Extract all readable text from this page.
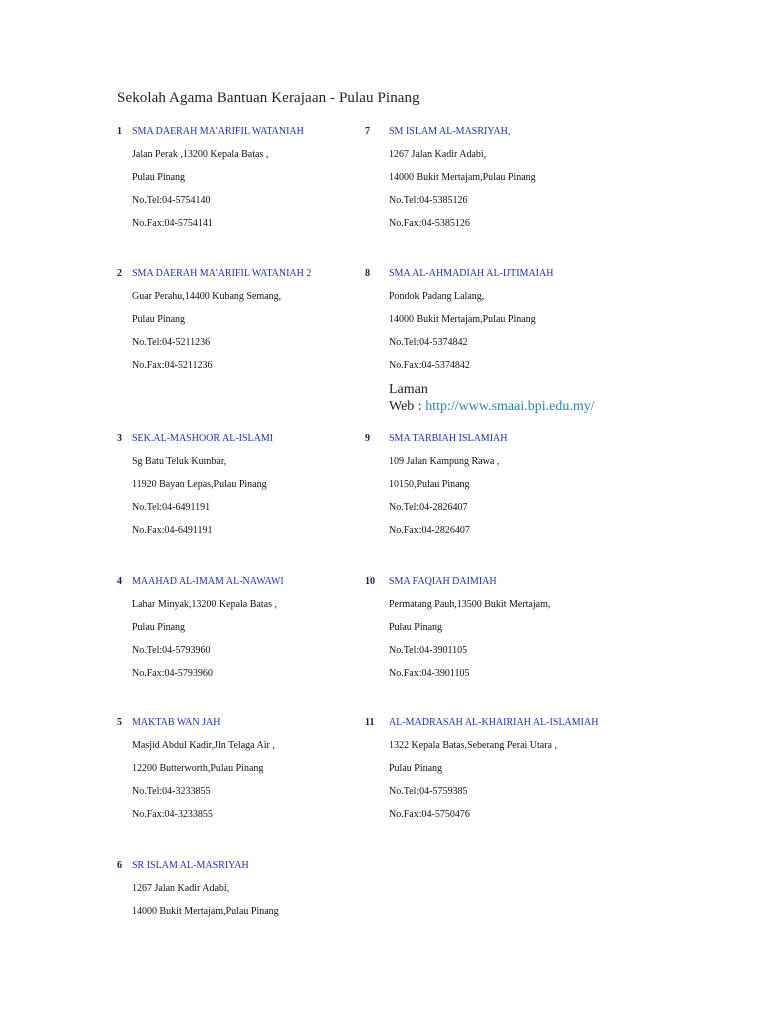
Sekolah Agama Bantuan Kerajaan - Pulau Pinang
1 SMA DAERAH MA'ARIFIL WATANIAH
Jalan Perak ,13200 Kepala Batas ,
Pulau Pinang
No.Tel:04-5754140
No.Fax:04-5754141
2 SMA DAERAH MA'ARIFIL WATANIAH 2
Guar Perahu,14400 Kubang Semang,
Pulau Pinang
No.Tel:04-5211236
No.Fax:04-5211236
3 SEK.AL-MASHOOR AL-ISLAMI
Sg Batu Teluk Kumbar,
11920 Bayan Lepas,Pulau Pinang
No.Tel:04-6491191
No.Fax:04-6491191
4 MAAHAD AL-IMAM AL-NAWAWI
Lahar Minyak,13200 Kepala Batas ,
Pulau Pinang
No.Tel:04-5793960
No.Fax:04-5793960
5 MAKTAB WAN JAH
Masjid Abdul Kadir,Jln Telaga Air ,
12200 Butterworth,Pulau Pinang
No.Tel:04-3233855
No.Fax:04-3233855
6 SR ISLAM AL-MASRIYAH
1267 Jalan Kadir Adabi,
14000 Bukit Mertajam,Pulau Pinang
7 SM ISLAM AL-MASRIYAH,
1267 Jalan Kadir Adabi,
14000 Bukit Mertajam,Pulau Pinang
No.Tel:04-5385126
No.Fax:04-5385126
8 SMA AL-AHMADIAH AL-IJTIMAIAH
Pondok Padang Lalang,
14000 Bukit Mertajam,Pulau Pinang
No.Tel:04-5374842
No.Fax:04-5374842
Laman
Web : http://www.smaai.bpi.edu.my/
9 SMA TARBIAH ISLAMIAH
109 Jalan Kampung Rawa ,
10150,Pulau Pinang
No.Tel:04-2826407
No.Fax:04-2826407
10 SMA FAQIAH DAIMIAH
Permatang Pauh,13500 Bukit Mertajam,
Pulau Pinang
No.Tel:04-3901105
No.Fax:04-3901105
11 AL-MADRASAH AL-KHAIRIAH AL-ISLAMIAH
1322 Kepala Batas,Seberang Perai Utara ,
Pulau Pinang
No.Tel:04-5759385
No.Fax:04-5750476
